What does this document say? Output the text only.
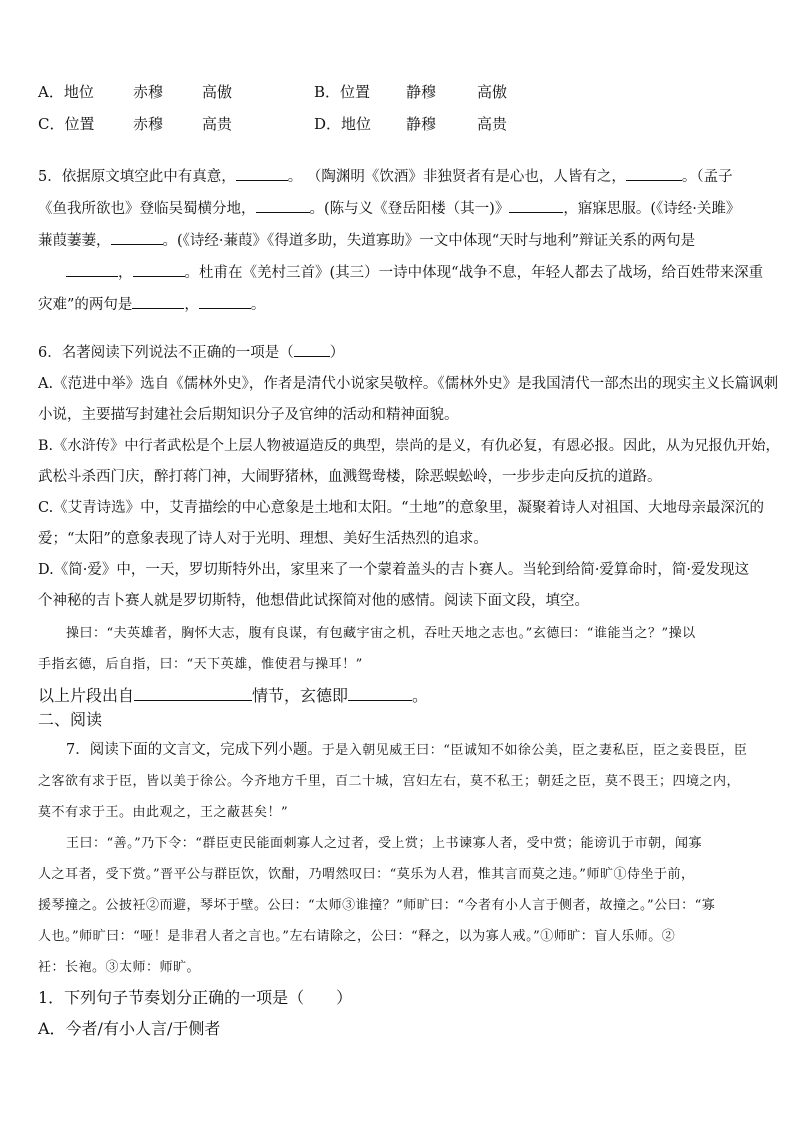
A．地位	赤穆	高傲	B．位置 静穆	高傲
C．位置	赤穆	高贵	D．地位 静穆	高贵
5．依据原文填空此中有真意，	。 （陶渊明《饮酒》非独贤者有是心也，人皆有之，	。（孟子
《鱼我所欲也》登临吴蜀横分地，	。(陈与义《登岳阳楼（其一)》	，寤寐思服。(《诗经·关雎》
蒹葭萋萋，	。(《诗经·蒹葭》《得道多助，失道寡助》一文中体现“天时与地利”辩证关系的两句是
，	。杜甫在《羌村三首》(其三）一诗中体现“战争不息，年轻人都去了战场，给百姓带来深重
灾难”的两句是	，	。
6．名著阅读下列说法不正确的一项是（ ）
A.《范进中举》选自《儒林外史》，作者是清代小说家吴敬梓。《儒林外史》是我国清代一部杰出的现实主义长篇讽刺
小说，主要描写封建社会后期知识分子及官绅的活动和精神面貌。
B.《水浒传》中行者武松是个上层人物被逼造反的典型，崇尚的是义，有仇必复，有恩必报。因此，从为兄报仇开始，
武松斗杀西门庆，醉打蒋门神，大闹野猪林，血溅鸳鸯楼，除恶蜈蚣岭，一步步走向反抗的道路。
C.《艾青诗选》中，艾青描绘的中心意象是土地和太阳。“土地”的意象里，凝聚着诗人对祖国、大地母亲最深沉的
爱；“太阳”的意象表现了诗人对于光明、理想、美好生活热烈的追求。
D.《简·爱》中，一天，罗切斯特外出，家里来了一个蒙着盖头的吉卜赛人。当轮到给简·爱算命时，简·爱发现这
个神秘的吉卜赛人就是罗切斯特，他想借此试探简对他的感情。阅读下面文段，填空。
操曰：“夫英雄者，胸怀大志，腹有良谋，有包藏宇宙之机，吞吐天地之志也。”玄德曰：“谁能当之？”操以
手指玄德，后自指，曰：“天下英雄，惟使君与操耳！”
以上片段出自	情节，玄德即	。
二、阅读
7．阅读下面的文言文，完成下列小题。于是入朝见威王曰：“臣诚知不如徐公美，臣之妻私臣，臣之妾畏臣，臣
之客欲有求于臣，皆以美于徐公。今齐地方千里，百二十城，宫妇左右，莫不私王；朝廷之臣，莫不畏王；四境之内，
莫不有求于王。由此观之，王之蔽甚矣！”
王曰：“善。”乃下令：“群臣吏民能面刺寡人之过者，受上赏；上书谏寡人者，受中赏；能谤讥于市朝，闻寡
人之耳者，受下赏。”晋平公与群臣饮，饮酣，乃喟然叹曰：“莫乐为人君，惟其言而莫之违。”师旷①侍坐于前，
援琴撞之。公披衽②而避，琴坏于壁。公曰：“太师③谁撞？”师旷曰：“今者有小人言于侧者，故撞之。”公曰：“寡
人也。”师旷曰：“哑！是非君人者之言也。”左右请除之，公曰：“释之，以为寡人戒。”①师旷：盲人乐师。②
衽：长袍。③太师：师旷。
1．下列句子节奏划分正确的一项是（　　）
A．今者/有小人言/于侧者
